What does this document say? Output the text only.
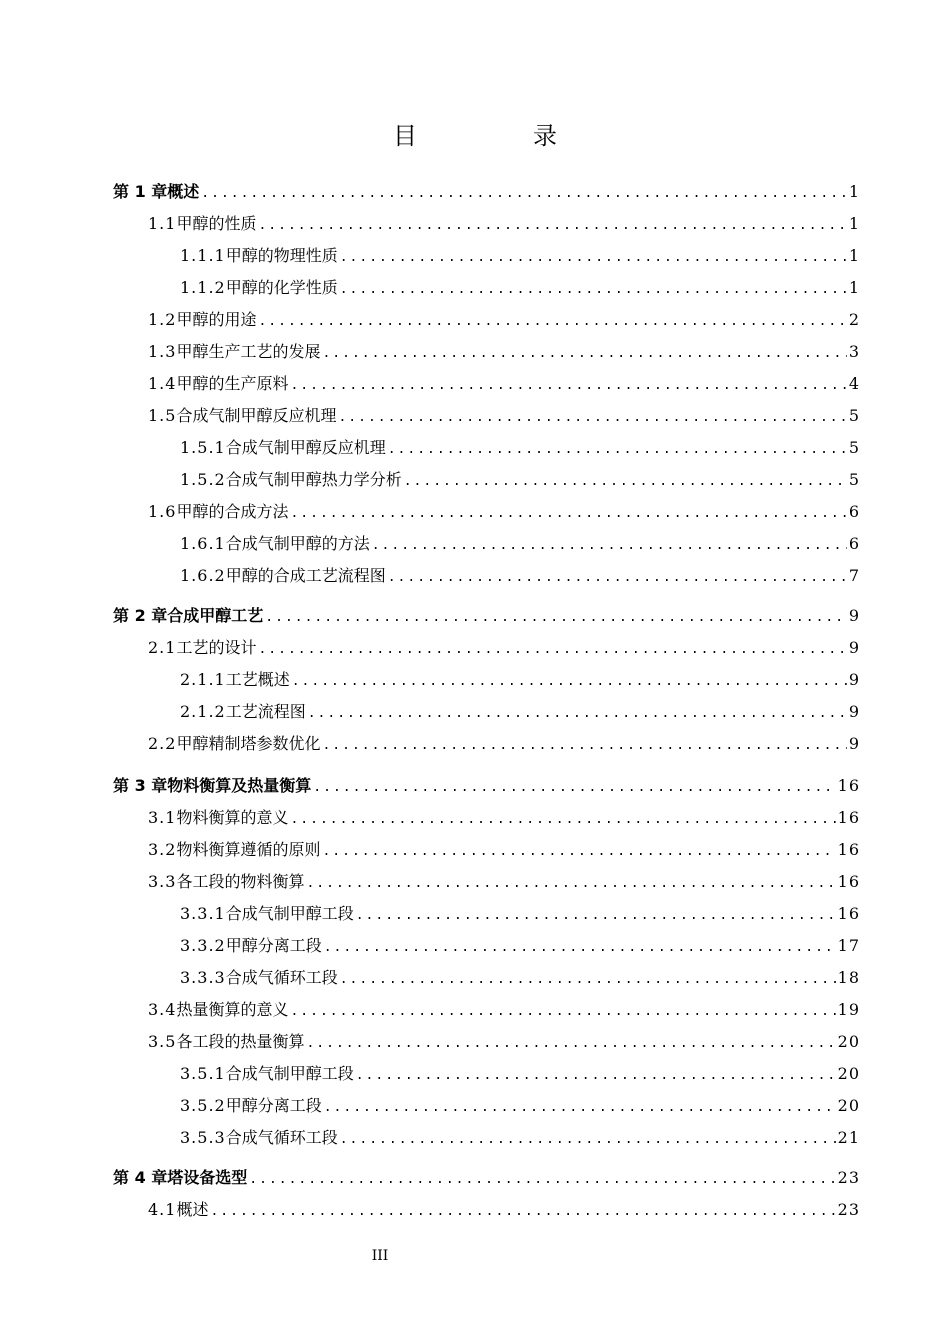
目　录
第 1 章 概述 .....	1
1.1 甲醇的性质 .....	1
1.1.1 甲醇的物理性质 .....	1
1.1.2 甲醇的化学性质 .....	1
1.2 甲醇的用途 .....	2
1.3 甲醇生产工艺的发展 .....	3
1.4 甲醇的生产原料 .....	4
1.5 合成气制甲醇反应机理 .....	5
1.5.1 合成气制甲醇反应机理 .....	5
1.5.2 合成气制甲醇热力学分析 .....	5
1.6 甲醇的合成方法 .....	6
1.6.1 合成气制甲醇的方法 .....	6
1.6.2 甲醇的合成工艺流程图 .....	7
第 2 章 合成甲醇工艺 .....	9
2.1 工艺的设计 .....	9
2.1.1 工艺概述 .....	9
2.1.2 工艺流程图 .....	9
2.2 甲醇精制塔参数优化 .....	9
第 3 章 物料衡算及热量衡算 .....	16
3.1 物料衡算的意义 .....	16
3.2 物料衡算遵循的原则 .....	16
3.3 各工段的物料衡算 .....	16
3.3.1 合成气制甲醇工段 .....	16
3.3.2 甲醇分离工段 .....	17
3.3.3 合成气循环工段 .....	18
3.4 热量衡算的意义 .....	19
3.5 各工段的热量衡算 .....	20
3.5.1 合成气制甲醇工段 .....	20
3.5.2 甲醇分离工段 .....	20
3.5.3 合成气循环工段 .....	21
第 4 章 塔设备选型 .....	23
4.1 概述 .....	23
III
